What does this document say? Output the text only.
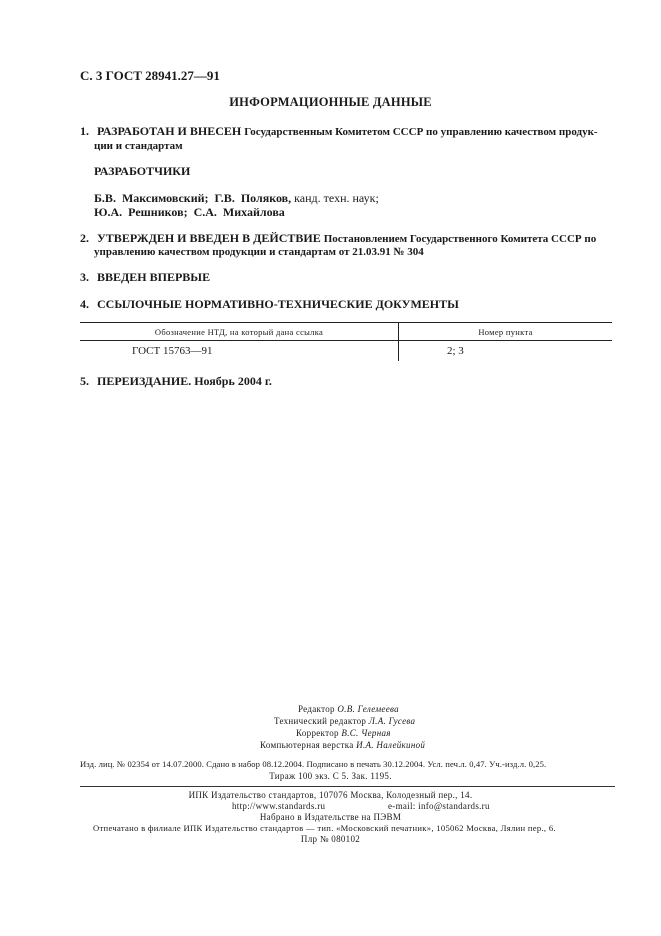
С. 3 ГОСТ 28941.27—91
ИНФОРМАЦИОННЫЕ ДАННЫЕ
1. РАЗРАБОТАН И ВНЕСЕН Государственным Комитетом СССР по управлению качеством продук-
ции и стандартам
РАЗРАБОТЧИКИ
Б.В. Максимовский; Г.В. Поляков, канд. техн. наук;
Ю.А. Решников; С.А. Михайлова
2. УТВЕРЖДЕН И ВВЕДЕН В ДЕЙСТВИЕ Постановлением Государственного Комитета СССР по
управлению качеством продукции и стандартам от 21.03.91 № 304
3. ВВЕДЕН ВПЕРВЫЕ
4. ССЫЛОЧНЫЕ НОРМАТИВНО-ТЕХНИЧЕСКИЕ ДОКУМЕНТЫ
Обозначение НТД, на который дана ссылка	Номер пункта
ГОСТ 15763—91	2; 3
5. ПЕРЕИЗДАНИЕ. Ноябрь 2004 г.
Редактор О.В. Гелемеева
Технический редактор Л.А. Гусева
Корректор В.С. Черная
Компьютерная верстка И.А. Налейкиной
Изд. лиц. № 02354 от 14.07.2000. Сдано в набор 08.12.2004. Подписано в печать 30.12.2004. Усл. печ.л. 0,47. Уч.-изд.л. 0,25.
Тираж 100 экз. С 5. Зак. 1195.
ИПК Издательство стандартов, 107076 Москва, Колодезный пер., 14.
http://www.standards.ru	e-mail: info@standards.ru
Набрано в Издательстве на ПЭВМ
Отпечатано в филиале ИПК Издательство стандартов — тип. «Московский печатник», 105062 Москва, Лялин пер., 6.
Плр № 080102
